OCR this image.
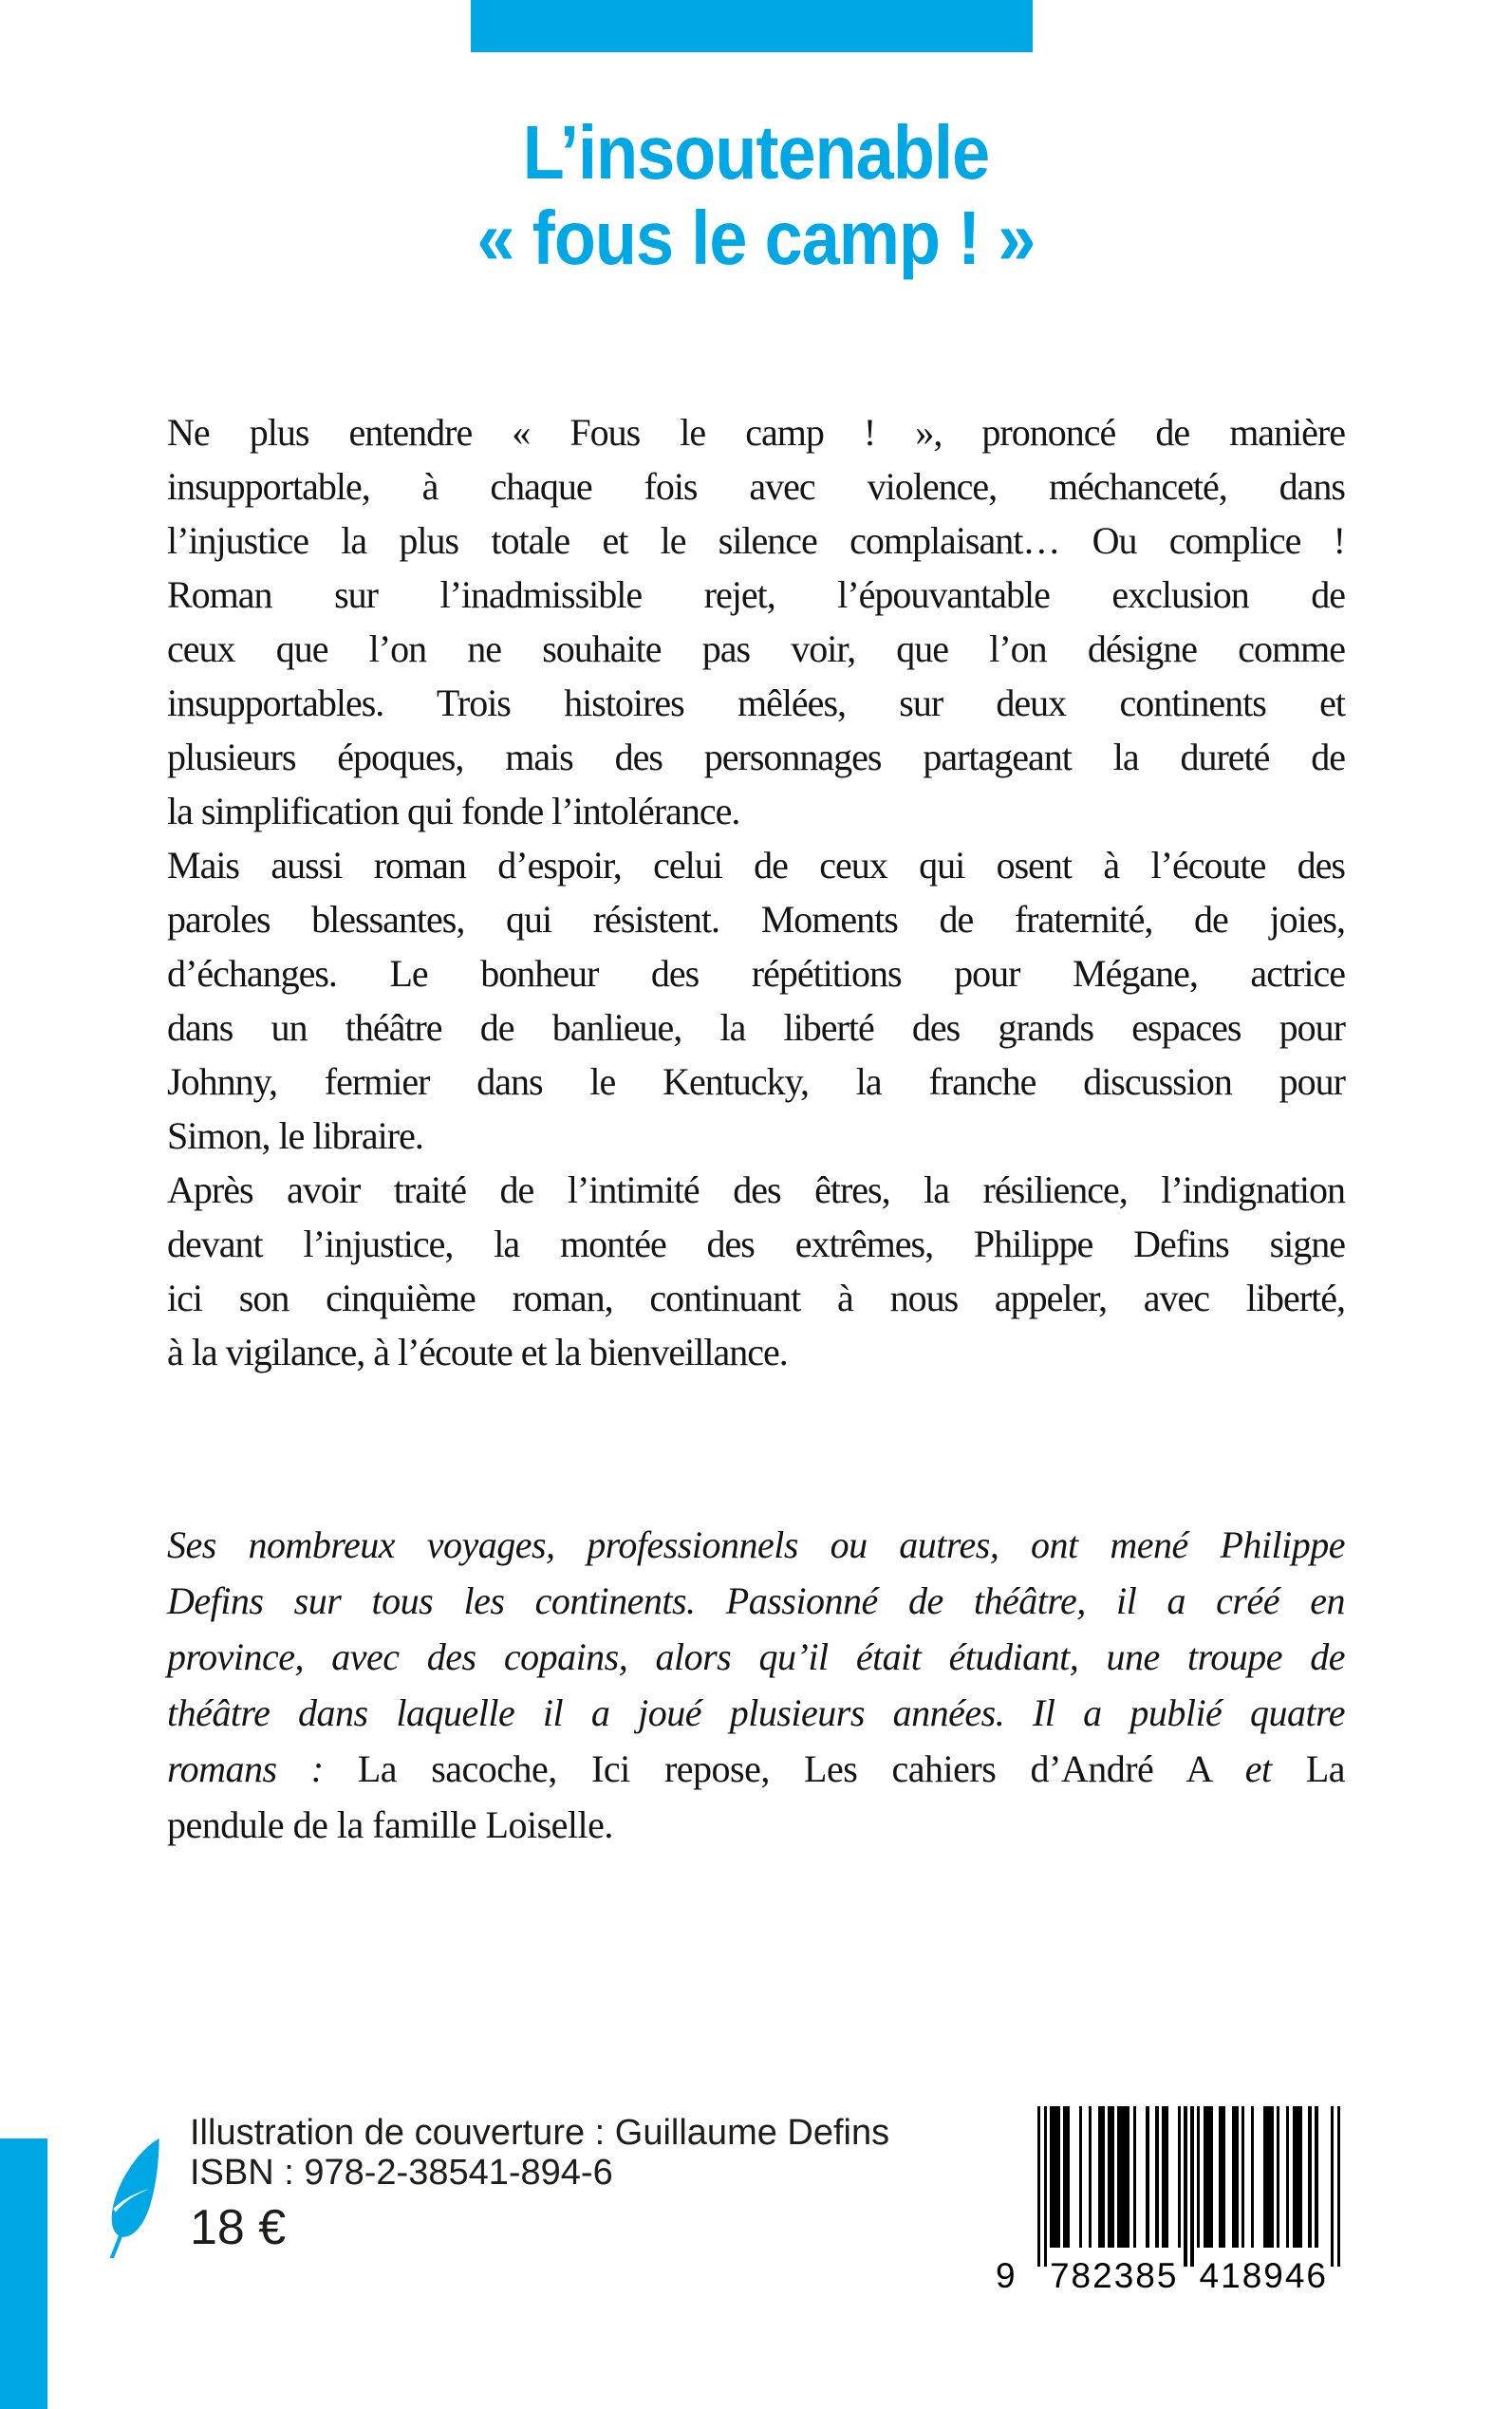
L’insoutenable
« fous le camp ! »
Ne plus entendre « Fous le camp ! », prononcé de manière
insupportable, à chaque fois avec violence, méchanceté, dans
l’injustice la plus totale et le silence complaisant… Ou complice !
Roman sur l’inadmissible rejet, l’épouvantable exclusion de
ceux que l’on ne souhaite pas voir, que l’on désigne comme
insupportables. Trois histoires mêlées, sur deux continents et
plusieurs époques, mais des personnages partageant la dureté de
la simplification qui fonde l’intolérance.
Mais aussi roman d’espoir, celui de ceux qui osent à l’écoute des
paroles blessantes, qui résistent. Moments de fraternité, de joies,
d’échanges. Le bonheur des répétitions pour Mégane, actrice
dans un théâtre de banlieue, la liberté des grands espaces pour
Johnny, fermier dans le Kentucky, la franche discussion pour
Simon, le libraire.
Après avoir traité de l’intimité des êtres, la résilience, l’indignation
devant l’injustice, la montée des extrêmes, Philippe Defins signe
ici son cinquième roman, continuant à nous appeler, avec liberté,
à la vigilance, à l’écoute et la bienveillance.
Ses nombreux voyages, professionnels ou autres, ont mené Philippe
Defins sur tous les continents. Passionné de théâtre, il a créé en
province, avec des copains, alors qu’il était étudiant, une troupe de
théâtre dans laquelle il a joué plusieurs années. Il a publié quatre
romans : La sacoche, Ici repose, Les cahiers d’André A et La
pendule de la famille Loiselle.
Illustration de couverture : Guillaume Defins
ISBN : 978-2-38541-894-6
18 €
9 782385 418946
